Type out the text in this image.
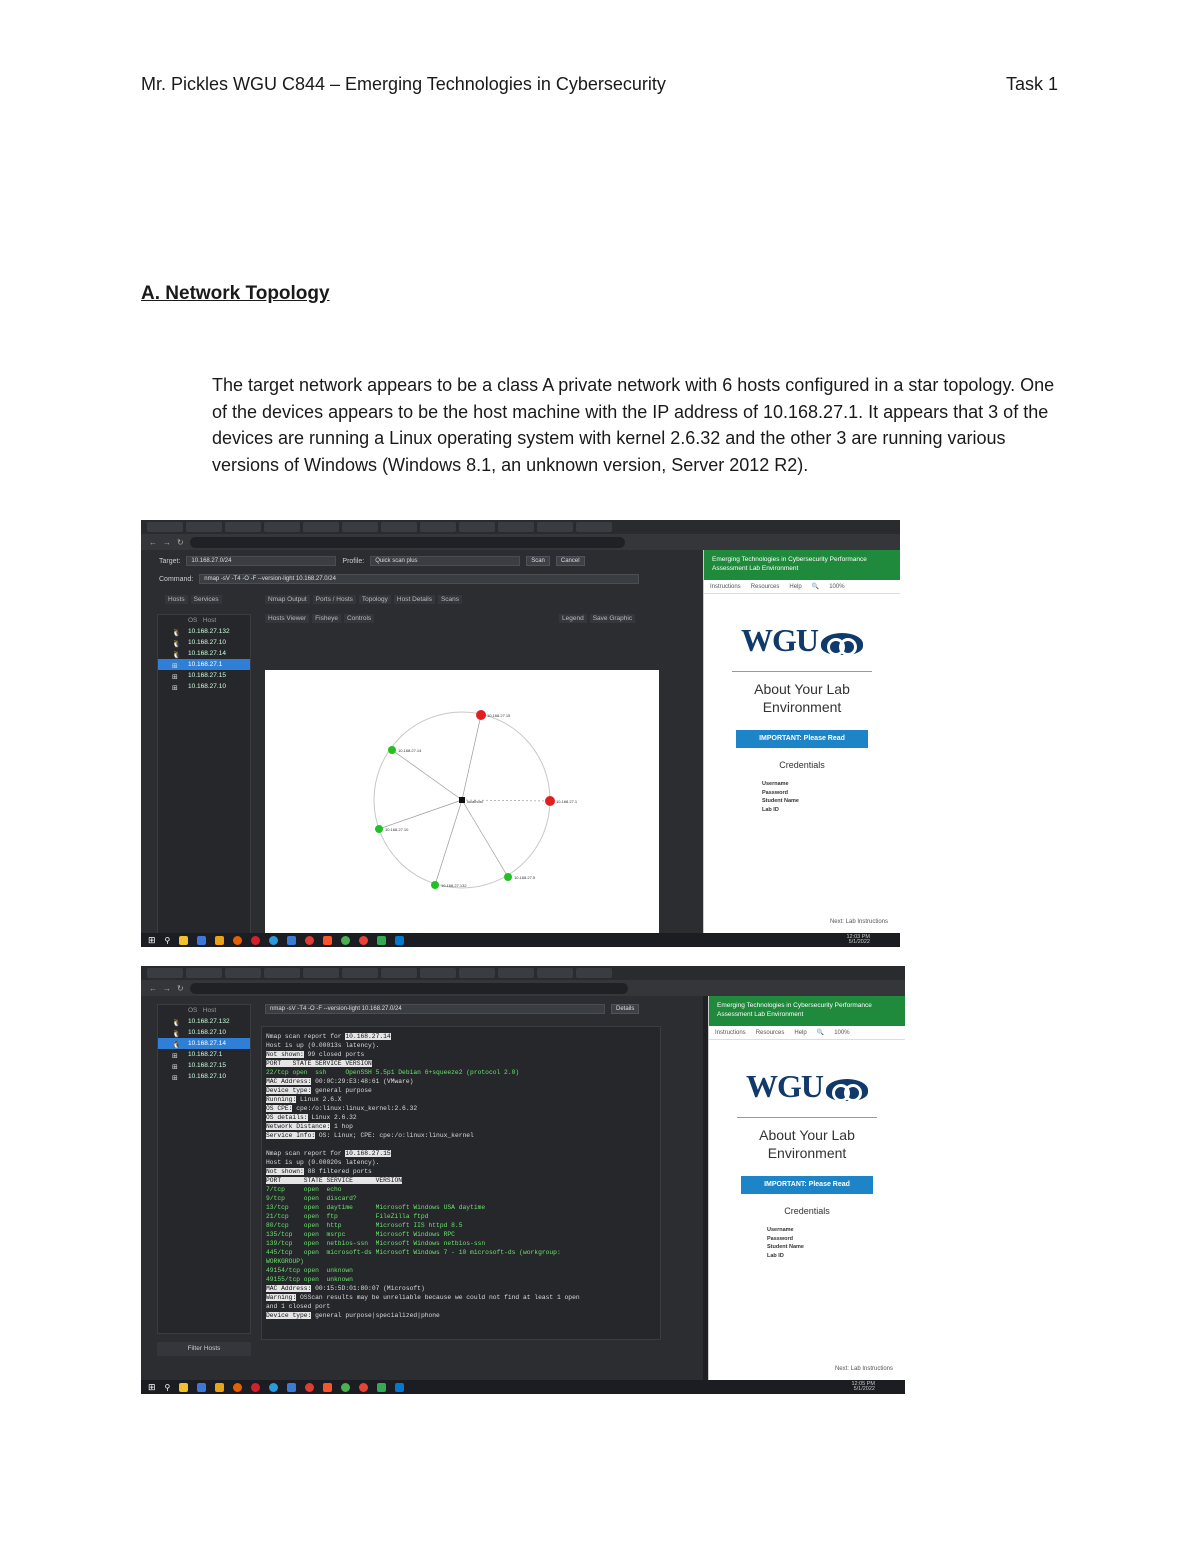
Mr. Pickles WGU C844 – Emerging Technologies in Cybersecurity	Task 1
A. Network Topology

The target network appears to be a class A private network with 6 hosts configured in a star topology. One of the devices appears to be the host machine with the IP address of 10.168.27.1. It appears that 3 of the devices are running a Linux operating system with kernel 2.6.32 and the other 3 are running various versions of Windows (Windows 8.1, an unknown version, Server 2012 R2).

← → ↻
Target:	10.168.27.0/24	Profile:	Quick scan plus	Scan	Cancel
Command:	nmap -sV -T4 -O -F --version-light 10.168.27.0/24
Hosts	Services	Nmap Output	Ports / Hosts	Topology	Host Details	Scans
Hosts Viewer	Fisheye	Controls	Legend	Save Graphic
OS Host
🐧 10.168.27.132
🐧 10.168.27.10
🐧 10.168.27.14
⊞ 10.168.27.1
⊞ 10.168.27.15
⊞ 10.168.27.10
10.168.27.15
10.168.27.14
10.168.27.1
10.168.27.10
10.168.27.132
10.168.27.5
localhost
Emerging Technologies in Cybersecurity Performance
Assessment Lab Environment
Instructions Resources Help 🔍 100%
WGU
About Your Lab
Environment
IMPORTANT: Please Read
Credentials
Username
Password
Student Name
Lab ID
Next: Lab Instructions
⊞ ⚲	12:03 PM
5/1/2022
← → ↻
nmap -sV -T4 -O -F --version-light 10.168.27.0/24	Details
OS Host
🐧 10.168.27.132
🐧 10.168.27.10
🐧 10.168.27.14
⊞ 10.168.27.1
⊞ 10.168.27.15
⊞ 10.168.27.10
Filter Hosts
Nmap scan report for 10.168.27.14
Host is up (0.00013s latency).
Not shown: 99 closed ports
PORT   STATE SERVICE VERSION
22/tcp open  ssh     OpenSSH 5.5p1 Debian 6+squeeze2 (protocol 2.0)
MAC Address: 00:0C:29:E3:48:61 (VMware)
Device type: general purpose
Running: Linux 2.6.X
OS CPE: cpe:/o:linux:linux_kernel:2.6.32
OS details: Linux 2.6.32
Network Distance: 1 hop
Service Info: OS: Linux; CPE: cpe:/o:linux:linux_kernel

Nmap scan report for 10.168.27.15
Host is up (0.00020s latency).
Not shown: 88 filtered ports
PORT      STATE SERVICE      VERSION
7/tcp     open  echo
9/tcp     open  discard?
13/tcp    open  daytime      Microsoft Windows USA daytime
21/tcp    open  ftp          FileZilla ftpd
80/tcp    open  http         Microsoft IIS httpd 8.5
135/tcp   open  msrpc        Microsoft Windows RPC
139/tcp   open  netbios-ssn  Microsoft Windows netbios-ssn
445/tcp   open  microsoft-ds Microsoft Windows 7 - 10 microsoft-ds (workgroup:
WORKGROUP)
49154/tcp open  unknown
49155/tcp open  unknown
MAC Address: 00:15:5D:01:80:07 (Microsoft)
Warning: OSScan results may be unreliable because we could not find at least 1 open
and 1 closed port
Device type: general purpose|specialized|phone
Emerging Technologies in Cybersecurity Performance
Assessment Lab Environment
Instructions Resources Help 🔍 100%
WGU
About Your Lab
Environment
IMPORTANT: Please Read
Credentials
Username
Password
Student Name
Lab ID
Next: Lab Instructions
⊞ ⚲	12:05 PM
5/1/2022
